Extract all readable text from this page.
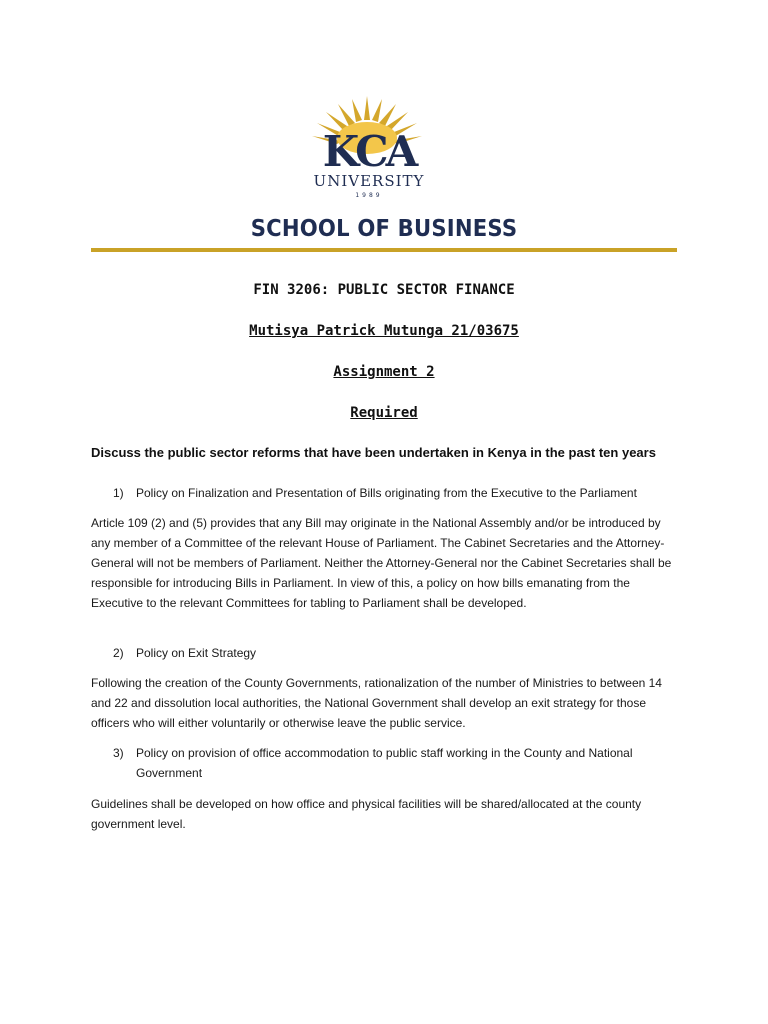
KCA
UNIVERSITY
1989
SCHOOL OF BUSINESS
FIN 3206: PUBLIC SECTOR FINANCE
Mutisya Patrick Mutunga 21/03675
Assignment 2
Required
Discuss the public sector reforms that have been undertaken in Kenya in the past ten years
1) Policy on Finalization and Presentation of Bills originating from the Executive to the Parliament
Article 109 (2) and (5) provides that any Bill may originate in the National Assembly and/or be introduced by any member of a Committee of the relevant House of Parliament. The Cabinet Secretaries and the Attorney-General will not be members of Parliament. Neither the Attorney-General nor the Cabinet Secretaries shall be responsible for introducing Bills in Parliament. In view of this, a policy on how bills emanating from the Executive to the relevant Committees for tabling to Parliament shall be developed.
2) Policy on Exit Strategy
Following the creation of the County Governments, rationalization of the number of Ministries to between 14 and 22 and dissolution local authorities, the National Government shall develop an exit strategy for those officers who will either voluntarily or otherwise leave the public service.
3) Policy on provision of office accommodation to public staff working in the County and National Government
Guidelines shall be developed on how office and physical facilities will be shared/allocated at the county government level.
